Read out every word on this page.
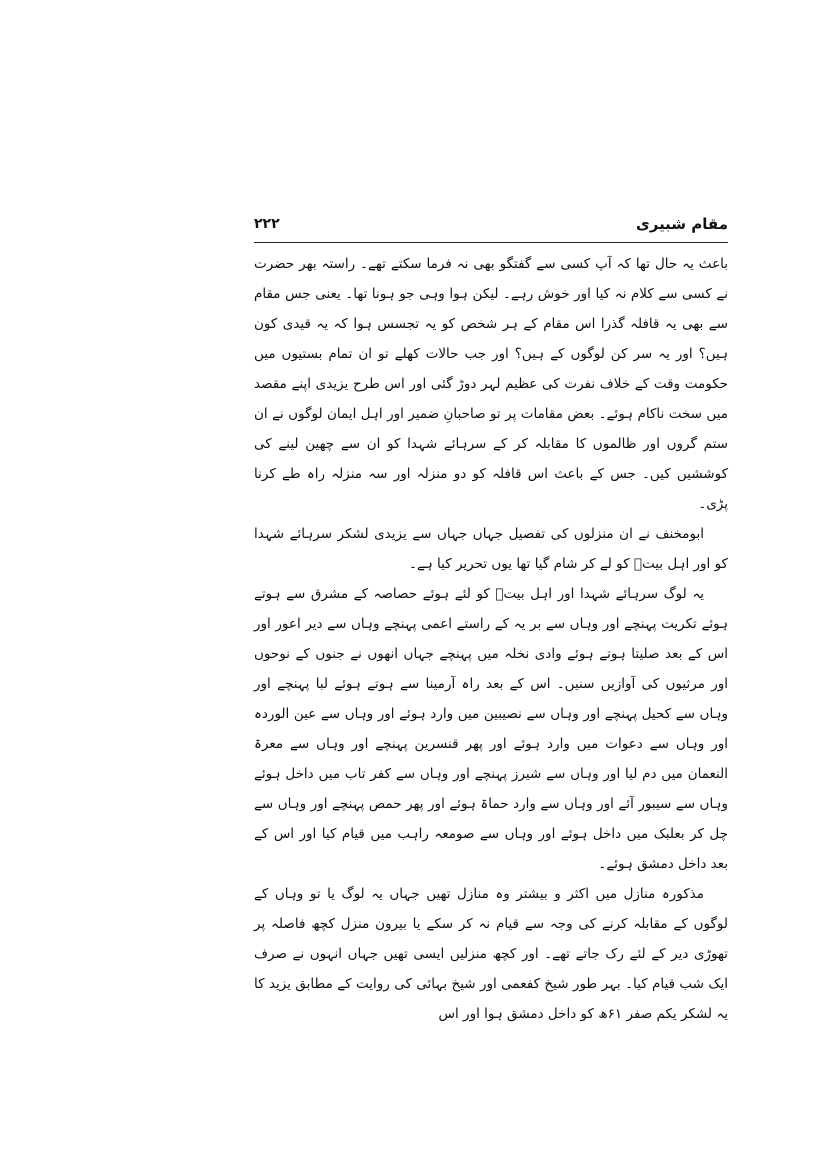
مقام شبیری
۲۲۲

باعث یہ حال تھا کہ آپ کسی سے گفتگو بھی نہ فرما سکتے تھے۔ راستہ بھر حضرت نے کسی سے کلام نہ کیا اور خوش رہے۔ لیکن ہوا وہی جو ہونا تھا۔ یعنی جس مقام سے بھی یہ قافلہ گذرا اس مقام کے ہر شخص کو یہ تجسس ہوا کہ یہ قیدی کون ہیں؟ اور یہ سر کن لوگوں کے ہیں؟ اور جب حالات کھلے تو ان تمام بستیوں میں حکومت وقت کے خلاف نفرت کی عظیم لہر دوڑ گئی اور اس طرح یزیدی اپنے مقصد میں سخت ناکام ہوئے۔ بعض مقامات پر تو صاحبانِ ضمیر اور اہل ایمان لوگوں نے ان ستم گروں اور ظالموں کا مقابلہ کر کے سرہائے شہدا کو ان سے چھین لینے کی کوششیں کیں۔ جس کے باعث اس قافلہ کو دو منزلہ اور سہ منزلہ راہ طے کرنا پڑی۔

ابومخنف نے ان منزلوں کی تفصیل جہاں جہاں سے یزیدی لشکر سرہائے شہدا کو اور اہل بیتؑ کو لے کر شام گیا تھا یوں تحریر کیا ہے۔

یہ لوگ سرہائے شہدا اور اہل بیتؑ کو لئے ہوئے حصاصہ کے مشرق سے ہوتے ہوئے تکریت پہنچے اور وہاں سے بر یہ کے راستے اعمی پہنچے وہاں سے دیر اعور اور اس کے بعد صلیتا ہوتے ہوئے وادی نخلہ میں پہنچے جہاں انھوں نے جنوں کے نوحوں اور مرثیوں کی آوازیں سنیں۔ اس کے بعد راہ آرمینا سے ہوتے ہوئے لبا پہنچے اور وہاں سے کحیل پہنچے اور وہاں سے نصیبین میں وارد ہوئے اور وہاں سے عین الوردہ اور وہاں سے دعوات میں وارد ہوئے اور پھر قنسرین پہنچے اور وہاں سے معرۃ النعمان میں دم لیا اور وہاں سے شیرز پہنچے اور وہاں سے کفر تاب میں داخل ہوئے وہاں سے سیبور آئے اور وہاں سے وارد حماۃ ہوئے اور پھر حمص پہنچے اور وہاں سے چل کر بعلبک میں داخل ہوئے اور وہاں سے صومعہ راہب میں قیام کیا اور اس کے بعد داخل دمشق ہوئے۔

مذکورہ منازل میں اکثر و بیشتر وہ منازل تھیں جہاں یہ لوگ یا تو وہاں کے لوگوں کے مقابلہ کرنے کی وجہ سے قیام نہ کر سکے یا بیرون منزل کچھ فاصلہ پر تھوڑی دیر کے لئے رک جاتے تھے۔ اور کچھ منزلیں ایسی تھیں جہاں انہوں نے صرف ایک شب قیام کیا۔ بہر طور شیخ کفعمی اور شیخ بہائی کی روایت کے مطابق یزید کا یہ لشکر یکم صفر ۶۱ھ کو داخل دمشق ہوا اور اس
